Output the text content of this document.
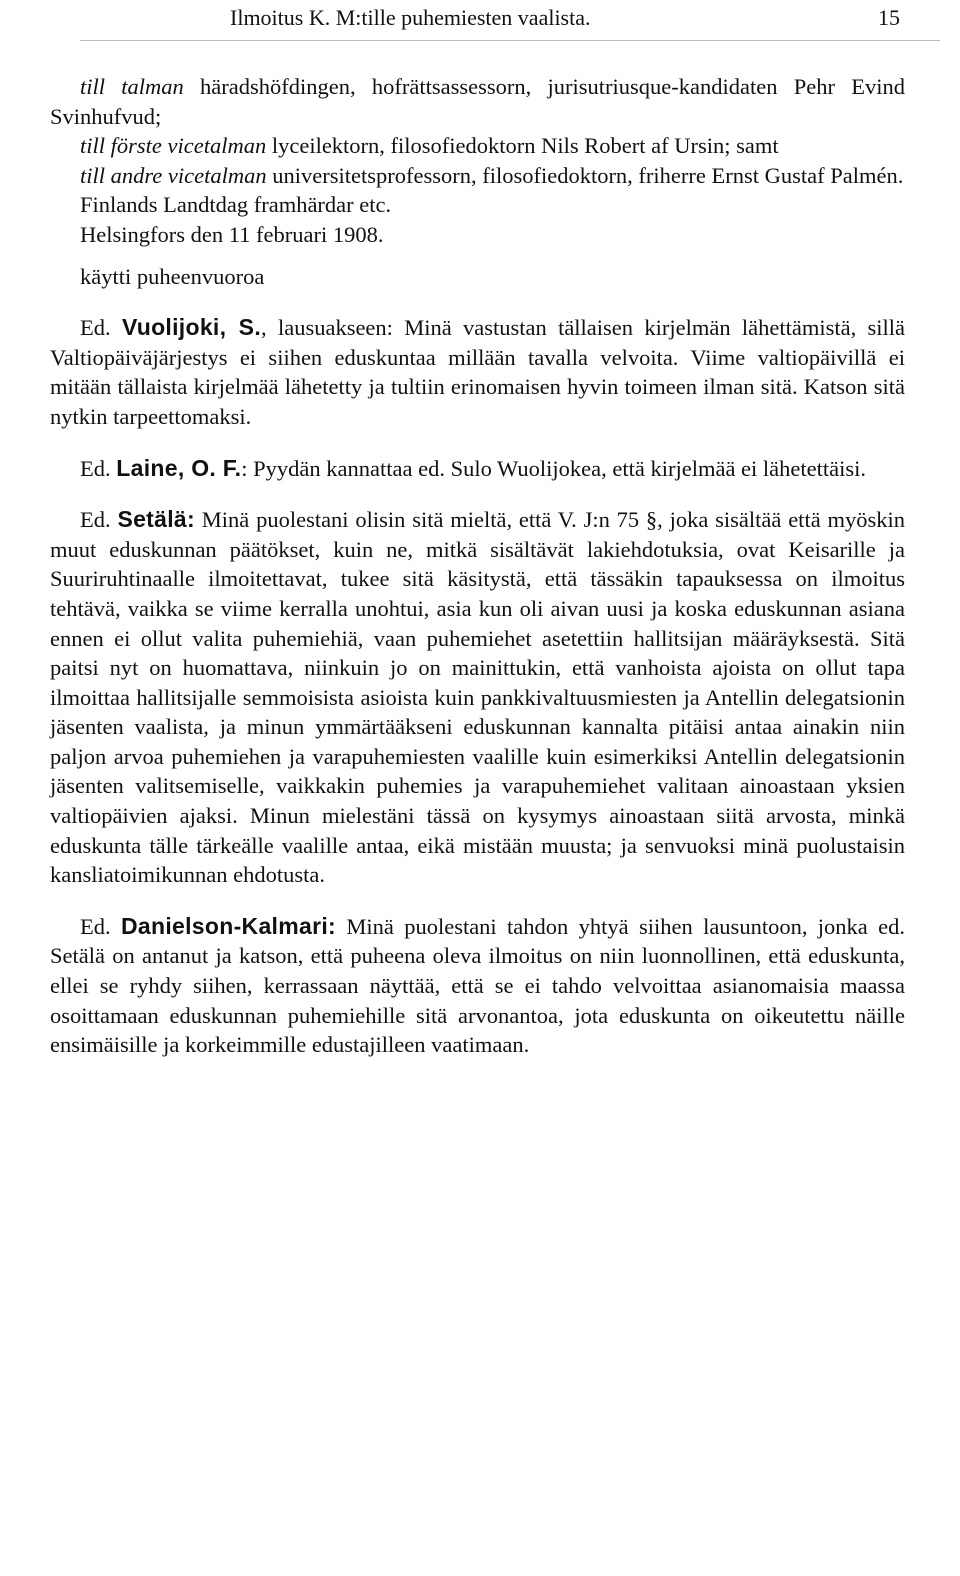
Ilmoitus K. M:tille puhemiesten vaalista.	15

till talman häradshöfdingen, hofrättsassessorn, jurisutriusque-kandidaten Pehr Evind Svinhufvud;

till förste vicetalman lyceilektorn, filosofiedoktorn Nils Robert af Ursin; samt

till andre vicetalman universitetsprofessorn, filosofiedoktorn, friherre Ernst Gustaf Palmén.

Finlands Landtdag framhärdar etc.

Helsingfors den 11 februari 1908.

käytti puheenvuoroa

Ed. Vuolijoki, S., lausuakseen: Minä vastustan tällaisen kirjelmän lähettämistä, sillä Valtiopäiväjärjestys ei siihen eduskuntaa millään tavalla velvoita. Viime valtiopäivillä ei mitään tällaista kirjelmää lähetetty ja tultiin erinomaisen hyvin toimeen ilman sitä. Katson sitä nytkin tarpeettomaksi.

Ed. Laine, O. F.: Pyydän kannattaa ed. Sulo Wuolijokea, että kirjelmää ei lähetettäisi.

Ed. Setälä: Minä puolestani olisin sitä mieltä, että V. J:n 75 §, joka sisältää että myöskin muut eduskunnan päätökset, kuin ne, mitkä sisältävät lakiehdotuksia, ovat Keisarille ja Suuriruhtinaalle ilmoitettavat, tukee sitä käsitystä, että tässäkin tapauksessa on ilmoitus tehtävä, vaikka se viime kerralla unohtui, asia kun oli aivan uusi ja koska eduskunnan asiana ennen ei ollut valita puhemiehiä, vaan puhemiehet asetettiin hallitsijan määräyksestä. Sitä paitsi nyt on huomattava, niinkuin jo on mainittukin, että vanhoista ajoista on ollut tapa ilmoittaa hallitsijalle semmoisista asioista kuin pankkivaltuusmiesten ja Antellin delegatsionin jäsenten vaalista, ja minun ymmärtääkseni eduskunnan kannalta pitäisi antaa ainakin niin paljon arvoa puhemiehen ja varapuhemiesten vaalille kuin esimerkiksi Antellin delegatsionin jäsenten valitsemiselle, vaikkakin puhemies ja varapuhemiehet valitaan ainoastaan yksien valtiopäivien ajaksi. Minun mielestäni tässä on kysymys ainoastaan siitä arvosta, minkä eduskunta tälle tärkeälle vaalille antaa, eikä mistään muusta; ja senvuoksi minä puolustaisin kansliatoimikunnan ehdotusta.

Ed. Danielson-Kalmari: Minä puolestani tahdon yhtyä siihen lausuntoon, jonka ed. Setälä on antanut ja katson, että puheena oleva ilmoitus on niin luonnollinen, että eduskunta, ellei se ryhdy siihen, kerrassaan näyttää, että se ei tahdo velvoittaa asianomaisia maassa osoittamaan eduskunnan puhemiehille sitä arvonantoa, jota eduskunta on oikeutettu näille ensimäisille ja korkeimmille edustajilleen vaatimaan.
